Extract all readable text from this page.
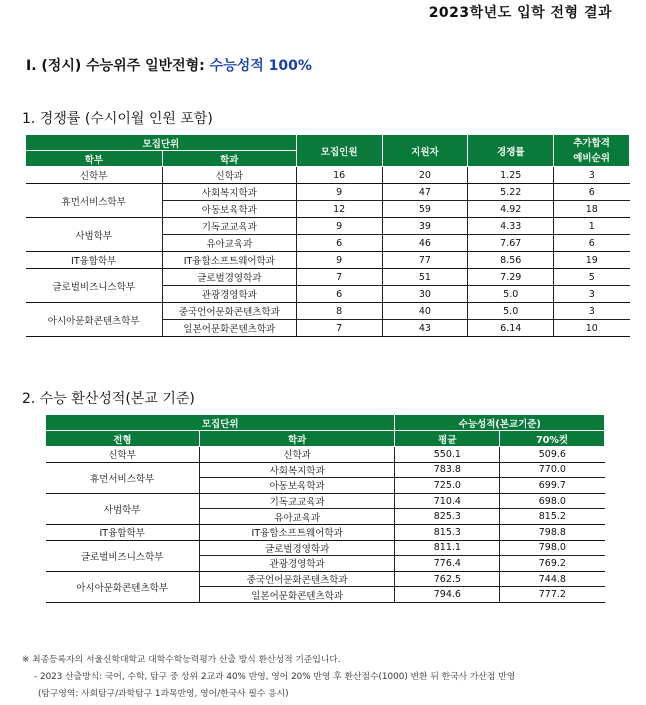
2023학년도 입학 전형 결과
I. (정시) 수능위주 일반전형: 수능성적 100%
1. 경쟁률 (수시이월 인원 포함)
모집단위		모집인원	지원자	경쟁률	추가합격
예비순위

학부	학과				
신학부	신학과	16	20	1.25	3
휴먼서비스학부	사회복지학과	9	47	5.22	6
	아동보육학과	12	59	4.92	18
사범학부	기독교교육과	9	39	4.33	1
	유아교육과	6	46	7.67	6
IT융합학부	IT융합소프트웨어학과	9	77	8.56	19
글로벌비즈니스학부	글로벌경영학과	7	51	7.29	5
	관광경영학과	6	30	5.0	3
아시아문화콘텐츠학부	중국언어문화콘텐츠학과	8	40	5.0	3
	일본어문화콘텐츠학과	7	43	6.14	10
2. 수능 환산성적(본교 기준)
모집단위		수능성적(본교기준)	
전형	학과	평균	70%컷
신학부	신학과	550.1	509.6
휴먼서비스학부	사회복지학과	783.8	770.0
	아동보육학과	725.0	699.7
사범학부	기독교교육과	710.4	698.0
	유아교육과	825.3	815.2
IT융합학부	IT융합소프트웨어학과	815.3	798.8
글로벌비즈니스학부	글로벌경영학과	811.1	798.0
	관광경영학과	776.4	769.2
아시아문화콘텐츠학부	중국언어문화콘텐츠학과	762.5	744.8
	일본어문화콘텐츠학과	794.6	777.2
※ 최종등록자의 서울신학대학교 대학수학능력평가 산출 방식 환산성적 기준입니다.
- 2023 산출방식: 국어, 수학, 탐구 중 상위 2교과 40% 반영, 영어 20% 반영 후 환산점수(1000) 변환 뒤 한국사 가산점 반영
(탐구영역: 사회탐구/과학탐구 1과목반영, 영어/한국사 필수 응시)
